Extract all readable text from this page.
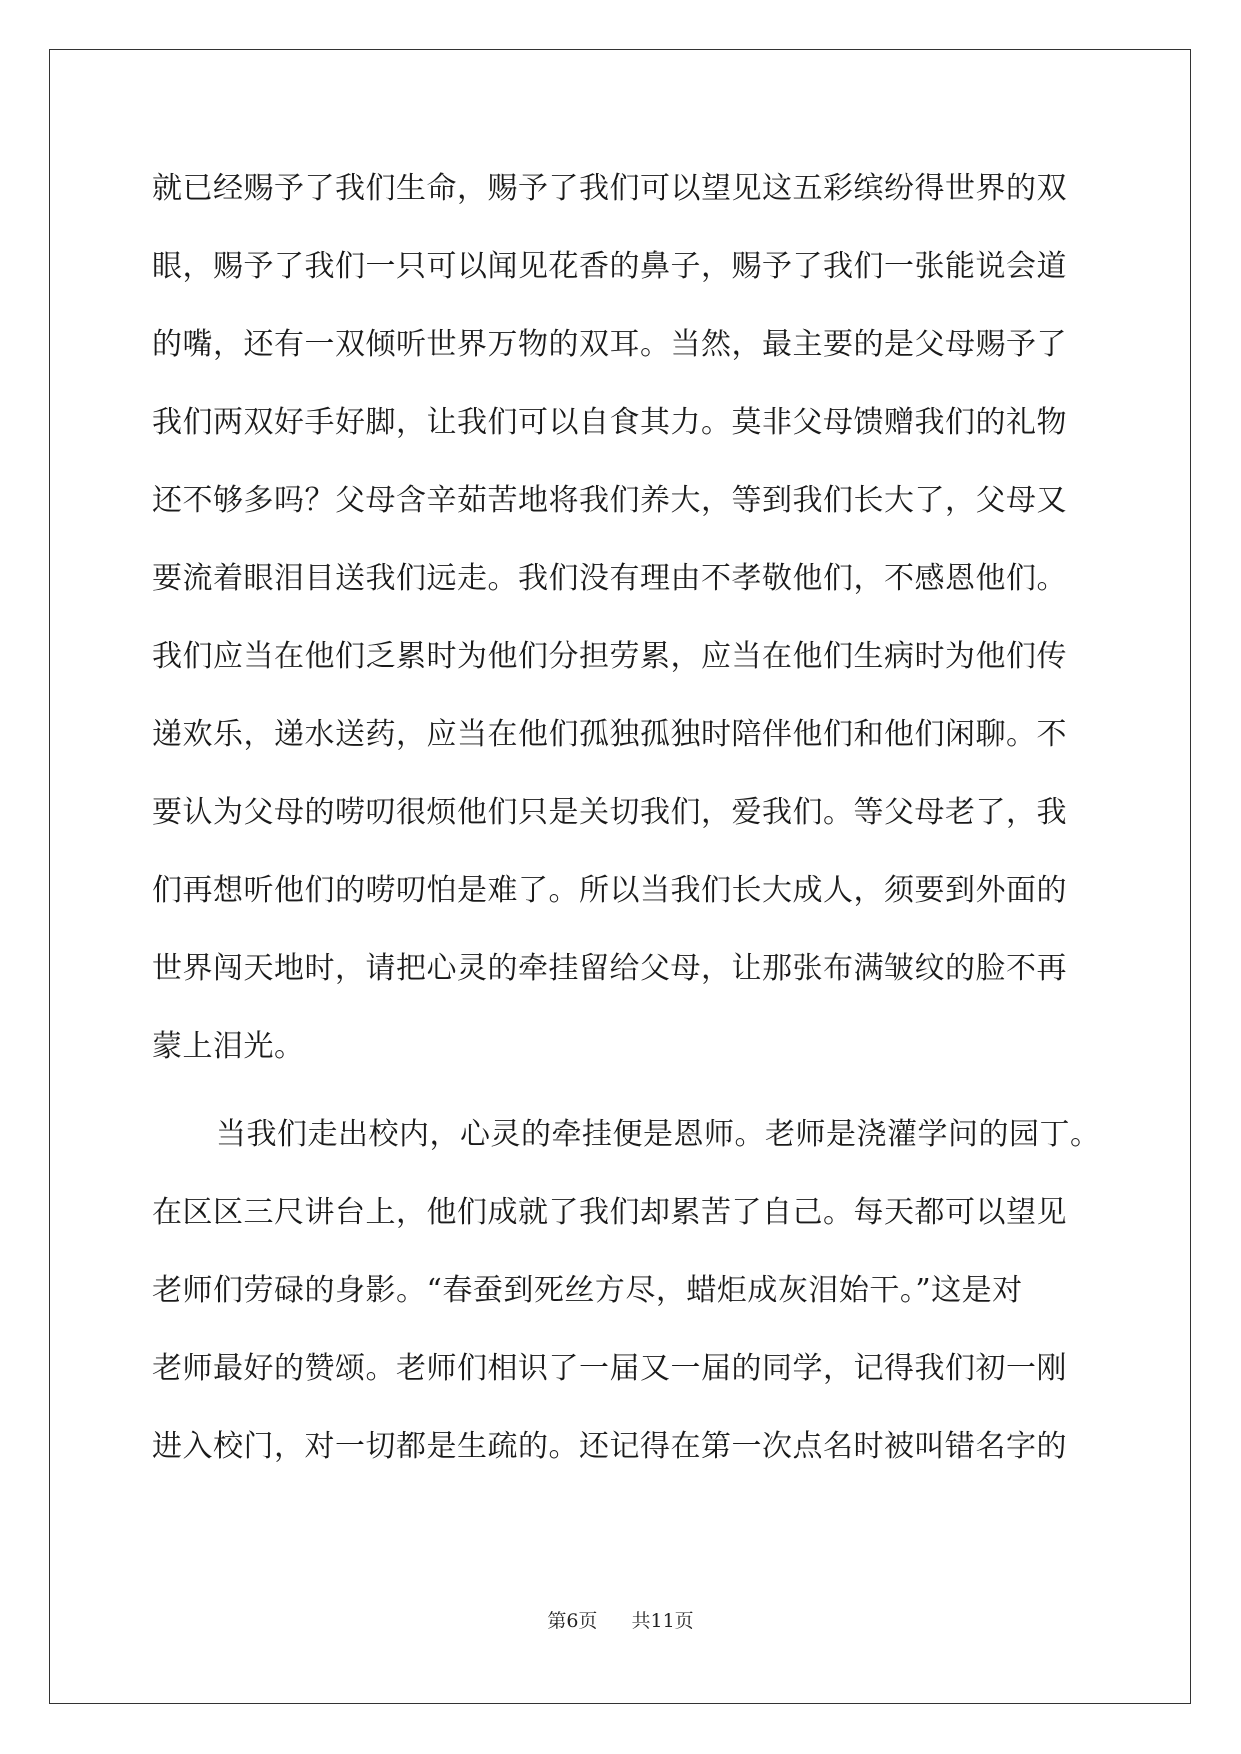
就已经赐予了我们生命，赐予了我们可以望见这五彩缤纷得世界的双
眼，赐予了我们一只可以闻见花香的鼻子，赐予了我们一张能说会道
的嘴，还有一双倾听世界万物的双耳。当然，最主要的是父母赐予了
我们两双好手好脚，让我们可以自食其力。莫非父母馈赠我们的礼物
还不够多吗？父母含辛茹苦地将我们养大，等到我们长大了，父母又
要流着眼泪目送我们远走。我们没有理由不孝敬他们，不感恩他们。
我们应当在他们乏累时为他们分担劳累，应当在他们生病时为他们传
递欢乐，递水送药，应当在他们孤独孤独时陪伴他们和他们闲聊。不
要认为父母的唠叨很烦他们只是关切我们，爱我们。等父母老了，我
们再想听他们的唠叨怕是难了。所以当我们长大成人，须要到外面的
世界闯天地时，请把心灵的牵挂留给父母，让那张布满皱纹的脸不再
蒙上泪光。
当我们走出校内，心灵的牵挂便是恩师。老师是浇灌学问的园丁。
在区区三尺讲台上，他们成就了我们却累苦了自己。每天都可以望见
老师们劳碌的身影。“春蚕到死丝方尽，蜡炬成灰泪始干。”这是对
老师最好的赞颂。老师们相识了一届又一届的同学，记得我们初一刚
进入校门，对一切都是生疏的。还记得在第一次点名时被叫错名字的
第6页 共11页
